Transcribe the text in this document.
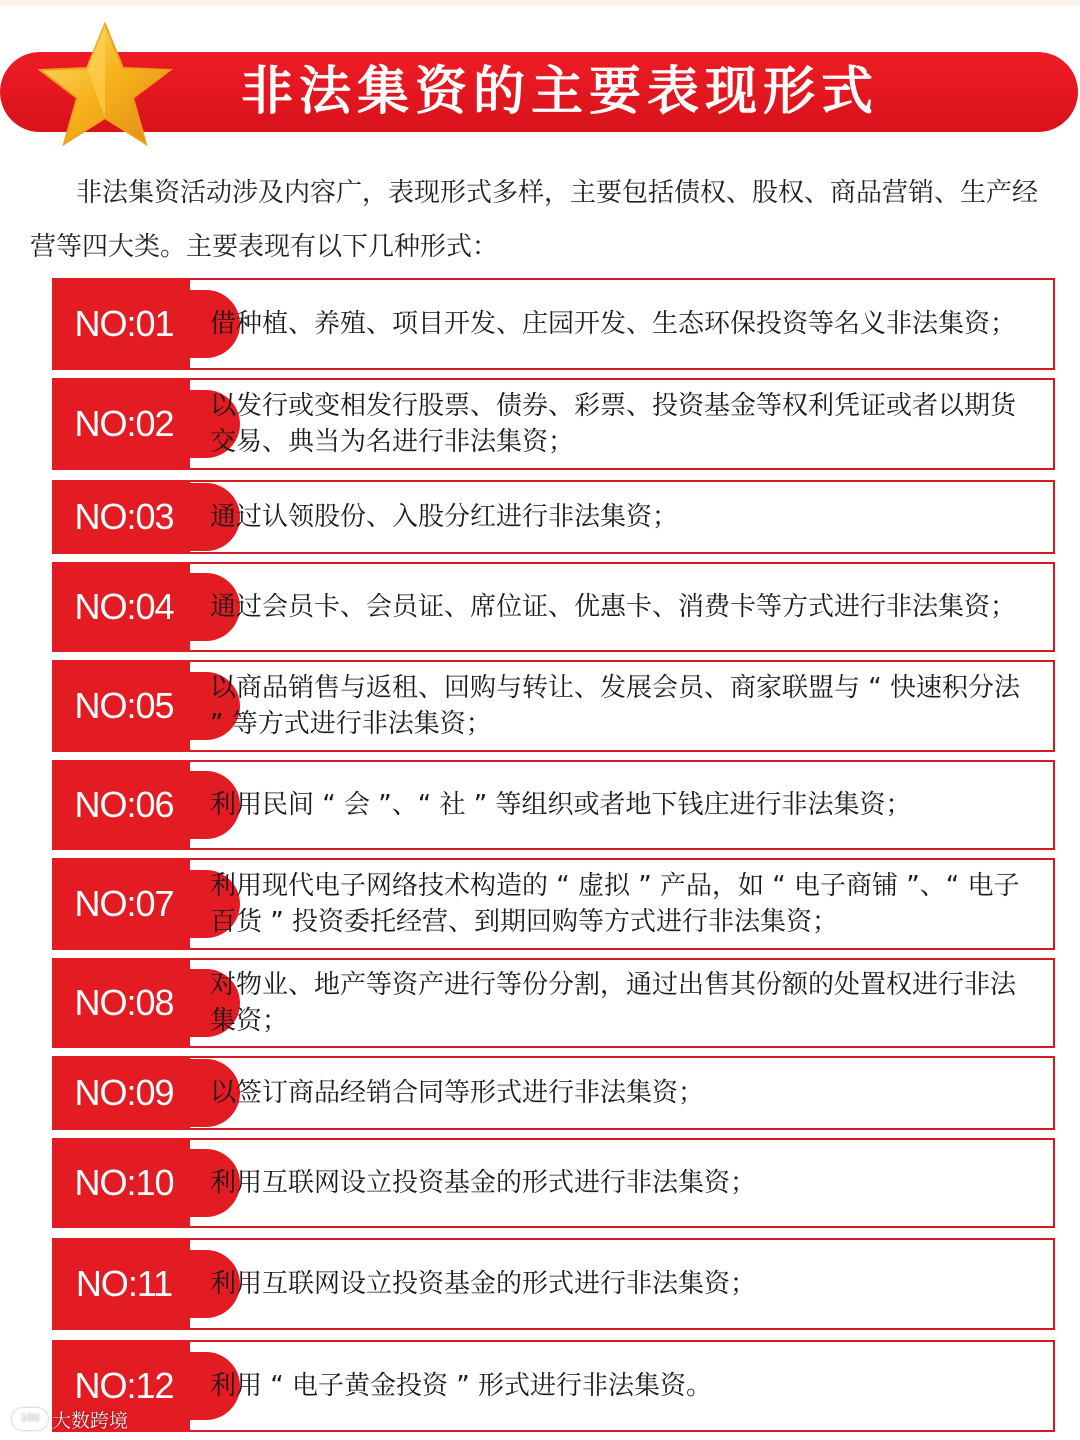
非法集资的主要表现形式

非法集资活动涉及内容广，表现形式多样，主要包括债权、股权、商品营销、生产经营等四大类。主要表现有以下几种形式：

NO:01	借种植、养殖、项目开发、庄园开发、生态环保投资等名义非法集资；
NO:02	以发行或变相发行股票、债券、彩票、投资基金等权利凭证或者以期货交易、典当为名进行非法集资；
NO:03	通过认领股份、入股分红进行非法集资；
NO:04	通过会员卡、会员证、席位证、优惠卡、消费卡等方式进行非法集资；
NO:05	以商品销售与返租、回购与转让、发展会员、商家联盟与 “ 快速积分法 ” 等方式进行非法集资；
NO:06	利用民间 “ 会 ”、“ 社 ” 等组织或者地下钱庄进行非法集资；
NO:07	利用现代电子网络技术构造的 “ 虚拟 ” 产品，如 “ 电子商铺 ”、“ 电子百货 ” 投资委托经营、到期回购等方式进行非法集资；
NO:08	对物业、地产等资产进行等份分割，通过出售其份额的处置权进行非法集资；
NO:09	以签订商品经销合同等形式进行非法集资；
NO:10	利用互联网设立投资基金的形式进行非法集资；
NO:11	利用互联网设立投资基金的形式进行非法集资；
NO:12	利用 “ 电子黄金投资 ” 形式进行非法集资。
100 大数跨境
